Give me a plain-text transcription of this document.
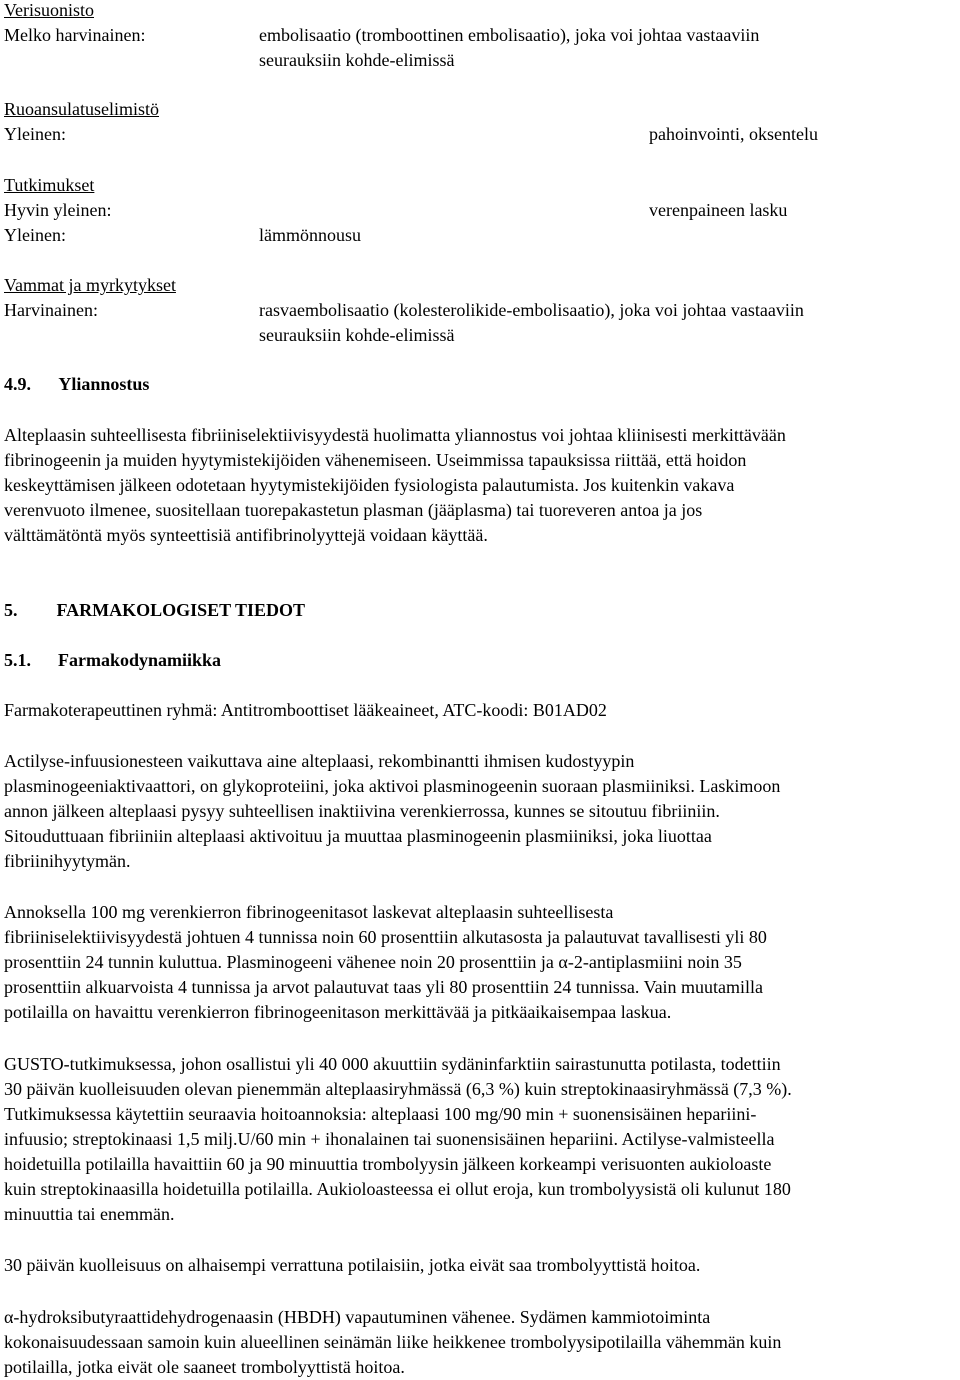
Verisuonisto
Melko harvinainen:	embolisaatio (tromboottinen embolisaatio), joka voi johtaa vastaaviin
seurauksiin kohde-elimissä
Ruoansulatuselimistö
Yleinen:	pahoinvointi, oksentelu
Tutkimukset
Hyvin yleinen:	verenpaineen lasku
Yleinen:	lämmönnousu
Vammat ja myrkytykset
Harvinainen:	rasvaembolisaatio (kolesterolikide-embolisaatio), joka voi johtaa vastaaviin
seurauksiin kohde-elimissä
4.9. Yliannostus
Alteplaasin suhteellisesta fibriiniselektiivisyydestä huolimatta yliannostus voi johtaa kliinisesti merkittävään
fibrinogeenin ja muiden hyytymistekijöiden vähenemiseen. Useimmissa tapauksissa riittää, että hoidon
keskeyttämisen jälkeen odotetaan hyytymistekijöiden fysiologista palautumista. Jos kuitenkin vakava
verenvuoto ilmenee, suositellaan tuorepakastetun plasman (jääplasma) tai tuoreveren antoa ja jos
välttämätöntä myös synteettisiä antifibrinolyyttejä voidaan käyttää.
5. FARMAKOLOGISET TIEDOT
5.1. Farmakodynamiikka
Farmakoterapeuttinen ryhmä: Antitromboottiset lääkeaineet, ATC-koodi: B01AD02
Actilyse-infuusionesteen vaikuttava aine alteplaasi, rekombinantti ihmisen kudostyypin
plasminogeeniaktivaattori, on glykoproteiini, joka aktivoi plasminogeenin suoraan plasmiiniksi. Laskimoon
annon jälkeen alteplaasi pysyy suhteellisen inaktiivina verenkierrossa, kunnes se sitoutuu fibriiniin.
Sitouduttuaan fibriiniin alteplaasi aktivoituu ja muuttaa plasminogeenin plasmiiniksi, joka liuottaa
fibriinihyytymän.
Annoksella 100 mg verenkierron fibrinogeenitasot laskevat alteplaasin suhteellisesta
fibriiniselektiivisyydestä johtuen 4 tunnissa noin 60 prosenttiin alkutasosta ja palautuvat tavallisesti yli 80
prosenttiin 24 tunnin kuluttua. Plasminogeeni vähenee noin 20 prosenttiin ja α-2-antiplasmiini noin 35
prosenttiin alkuarvoista 4 tunnissa ja arvot palautuvat taas yli 80 prosenttiin 24 tunnissa. Vain muutamilla
potilailla on havaittu verenkierron fibrinogeenitason merkittävää ja pitkäaikaisempaa laskua.
GUSTO-tutkimuksessa, johon osallistui yli 40 000 akuuttiin sydäninfarktiin sairastunutta potilasta, todettiin
30 päivän kuolleisuuden olevan pienemmän alteplaasiryhmässä (6,3 %) kuin streptokinaasiryhmässä (7,3 %).
Tutkimuksessa käytettiin seuraavia hoitoannoksia: alteplaasi 100 mg/90 min + suonensisäinen hepariini-
infuusio; streptokinaasi 1,5 milj.U/60 min + ihonalainen tai suonensisäinen hepariini. Actilyse-valmisteella
hoidetuilla potilailla havaittiin 60 ja 90 minuuttia trombolyysin jälkeen korkeampi verisuonten aukioloaste
kuin streptokinaasilla hoidetuilla potilailla. Aukioloasteessa ei ollut eroja, kun trombolyysistä oli kulunut 180
minuuttia tai enemmän.
30 päivän kuolleisuus on alhaisempi verrattuna potilaisiin, jotka eivät saa trombolyyttistä hoitoa.
α-hydroksibutyraattidehydrogenaasin (HBDH) vapautuminen vähenee. Sydämen kammiotoiminta
kokonaisuudessaan samoin kuin alueellinen seinämän liike heikkenee trombolyysipotilailla vähemmän kuin
potilailla, jotka eivät ole saaneet trombolyyttistä hoitoa.
